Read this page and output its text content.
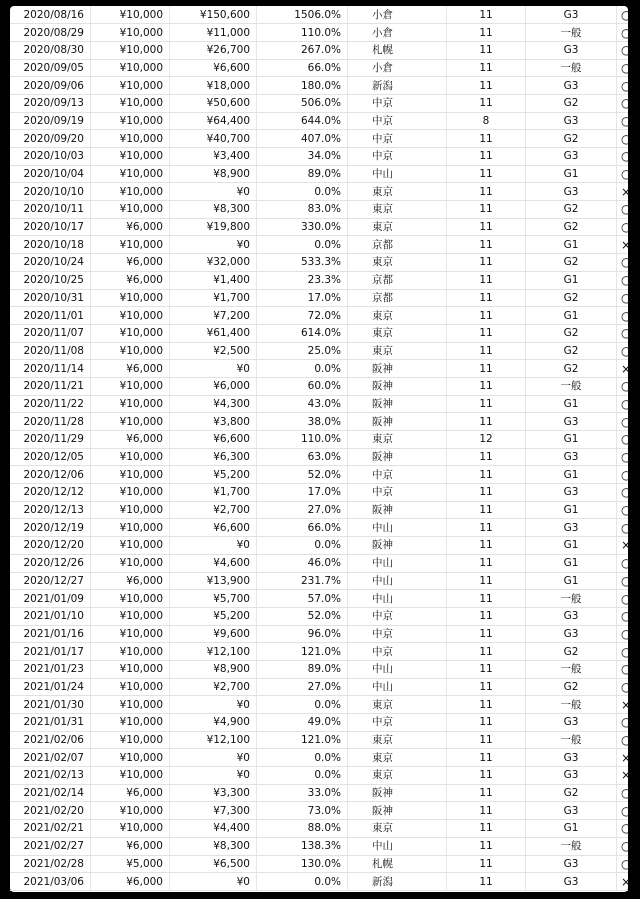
2020/08/16	¥10,000	¥150,600	1506.0%	小倉	11	G3	○
2020/08/29	¥10,000	¥11,000	110.0%	小倉	11	一般	○
2020/08/30	¥10,000	¥26,700	267.0%	札幌	11	G3	○
2020/09/05	¥10,000	¥6,600	66.0%	小倉	11	一般	○
2020/09/06	¥10,000	¥18,000	180.0%	新潟	11	G3	○
2020/09/13	¥10,000	¥50,600	506.0%	中京	11	G2	○
2020/09/19	¥10,000	¥64,400	644.0%	中京	8	G3	○
2020/09/20	¥10,000	¥40,700	407.0%	中京	11	G2	○
2020/10/03	¥10,000	¥3,400	34.0%	中京	11	G3	○
2020/10/04	¥10,000	¥8,900	89.0%	中山	11	G1	○
2020/10/10	¥10,000	¥0	0.0%	東京	11	G3	×
2020/10/11	¥10,000	¥8,300	83.0%	東京	11	G2	○
2020/10/17	¥6,000	¥19,800	330.0%	東京	11	G2	○
2020/10/18	¥10,000	¥0	0.0%	京都	11	G1	×
2020/10/24	¥6,000	¥32,000	533.3%	東京	11	G2	○
2020/10/25	¥6,000	¥1,400	23.3%	京都	11	G1	○
2020/10/31	¥10,000	¥1,700	17.0%	京都	11	G2	○
2020/11/01	¥10,000	¥7,200	72.0%	東京	11	G1	○
2020/11/07	¥10,000	¥61,400	614.0%	東京	11	G2	○
2020/11/08	¥10,000	¥2,500	25.0%	東京	11	G2	○
2020/11/14	¥6,000	¥0	0.0%	阪神	11	G2	×
2020/11/21	¥10,000	¥6,000	60.0%	阪神	11	一般	○
2020/11/22	¥10,000	¥4,300	43.0%	阪神	11	G1	○
2020/11/28	¥10,000	¥3,800	38.0%	阪神	11	G3	○
2020/11/29	¥6,000	¥6,600	110.0%	東京	12	G1	○
2020/12/05	¥10,000	¥6,300	63.0%	阪神	11	G3	○
2020/12/06	¥10,000	¥5,200	52.0%	中京	11	G1	○
2020/12/12	¥10,000	¥1,700	17.0%	中京	11	G3	○
2020/12/13	¥10,000	¥2,700	27.0%	阪神	11	G1	○
2020/12/19	¥10,000	¥6,600	66.0%	中山	11	G3	○
2020/12/20	¥10,000	¥0	0.0%	阪神	11	G1	×
2020/12/26	¥10,000	¥4,600	46.0%	中山	11	G1	○
2020/12/27	¥6,000	¥13,900	231.7%	中山	11	G1	○
2021/01/09	¥10,000	¥5,700	57.0%	中山	11	一般	○
2021/01/10	¥10,000	¥5,200	52.0%	中京	11	G3	○
2021/01/16	¥10,000	¥9,600	96.0%	中京	11	G3	○
2021/01/17	¥10,000	¥12,100	121.0%	中京	11	G2	○
2021/01/23	¥10,000	¥8,900	89.0%	中山	11	一般	○
2021/01/24	¥10,000	¥2,700	27.0%	中山	11	G2	○
2021/01/30	¥10,000	¥0	0.0%	東京	11	一般	×
2021/01/31	¥10,000	¥4,900	49.0%	中京	11	G3	○
2021/02/06	¥10,000	¥12,100	121.0%	東京	11	一般	○
2021/02/07	¥10,000	¥0	0.0%	東京	11	G3	×
2021/02/13	¥10,000	¥0	0.0%	東京	11	G3	×
2021/02/14	¥6,000	¥3,300	33.0%	阪神	11	G2	○
2021/02/20	¥10,000	¥7,300	73.0%	阪神	11	G3	○
2021/02/21	¥10,000	¥4,400	88.0%	東京	11	G1	○
2021/02/27	¥6,000	¥8,300	138.3%	中山	11	一般	○
2021/02/28	¥5,000	¥6,500	130.0%	札幌	11	G3	○
2021/03/06	¥6,000	¥0	0.0%	新潟	11	G3	×
